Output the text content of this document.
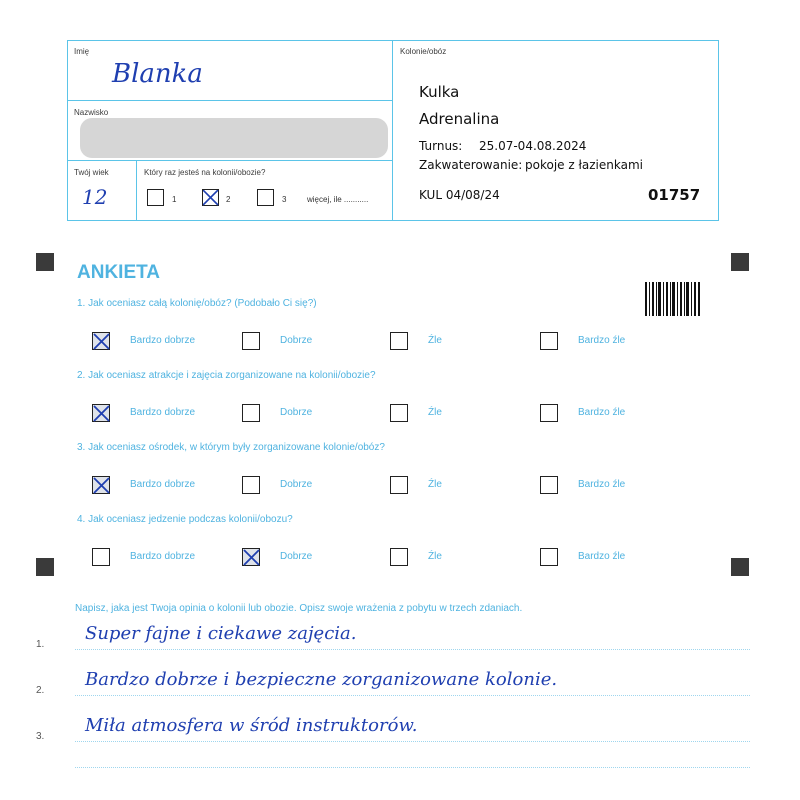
Imię
Blanka
Nazwisko
Twój wiek
12
Który raz jesteś na kolonii/obozie?
1	2	3	więcej, ile ...........
Kolonie/obóz
Kulka
Adrenalina
Turnus: 25.07-04.08.2024
Zakwaterowanie: pokoje z łazienkami
KUL 04/08/24	01757
ANKIETA
1. Jak oceniasz całą kolonię/obóz? (Podobało Ci się?)
Bardzo dobrze	Dobrze	Źle	Bardzo źle
2. Jak oceniasz atrakcje i zajęcia zorganizowane na kolonii/obozie?
Bardzo dobrze	Dobrze	Źle	Bardzo źle
3. Jak oceniasz ośrodek, w którym były zorganizowane kolonie/obóz?
Bardzo dobrze	Dobrze	Źle	Bardzo źle
4. Jak oceniasz jedzenie podczas kolonii/obozu?
Bardzo dobrze	Dobrze	Źle	Bardzo źle
Napisz, jaka jest Twoja opinia o kolonii lub obozie. Opisz swoje wrażenia z pobytu w trzech zdaniach.
1.
Super fajne i ciekawe zajęcia.
2.
Bardzo dobrze i bezpieczne zorganizowane kolonie.
3.
Miła atmosfera w śród instruktorów.
